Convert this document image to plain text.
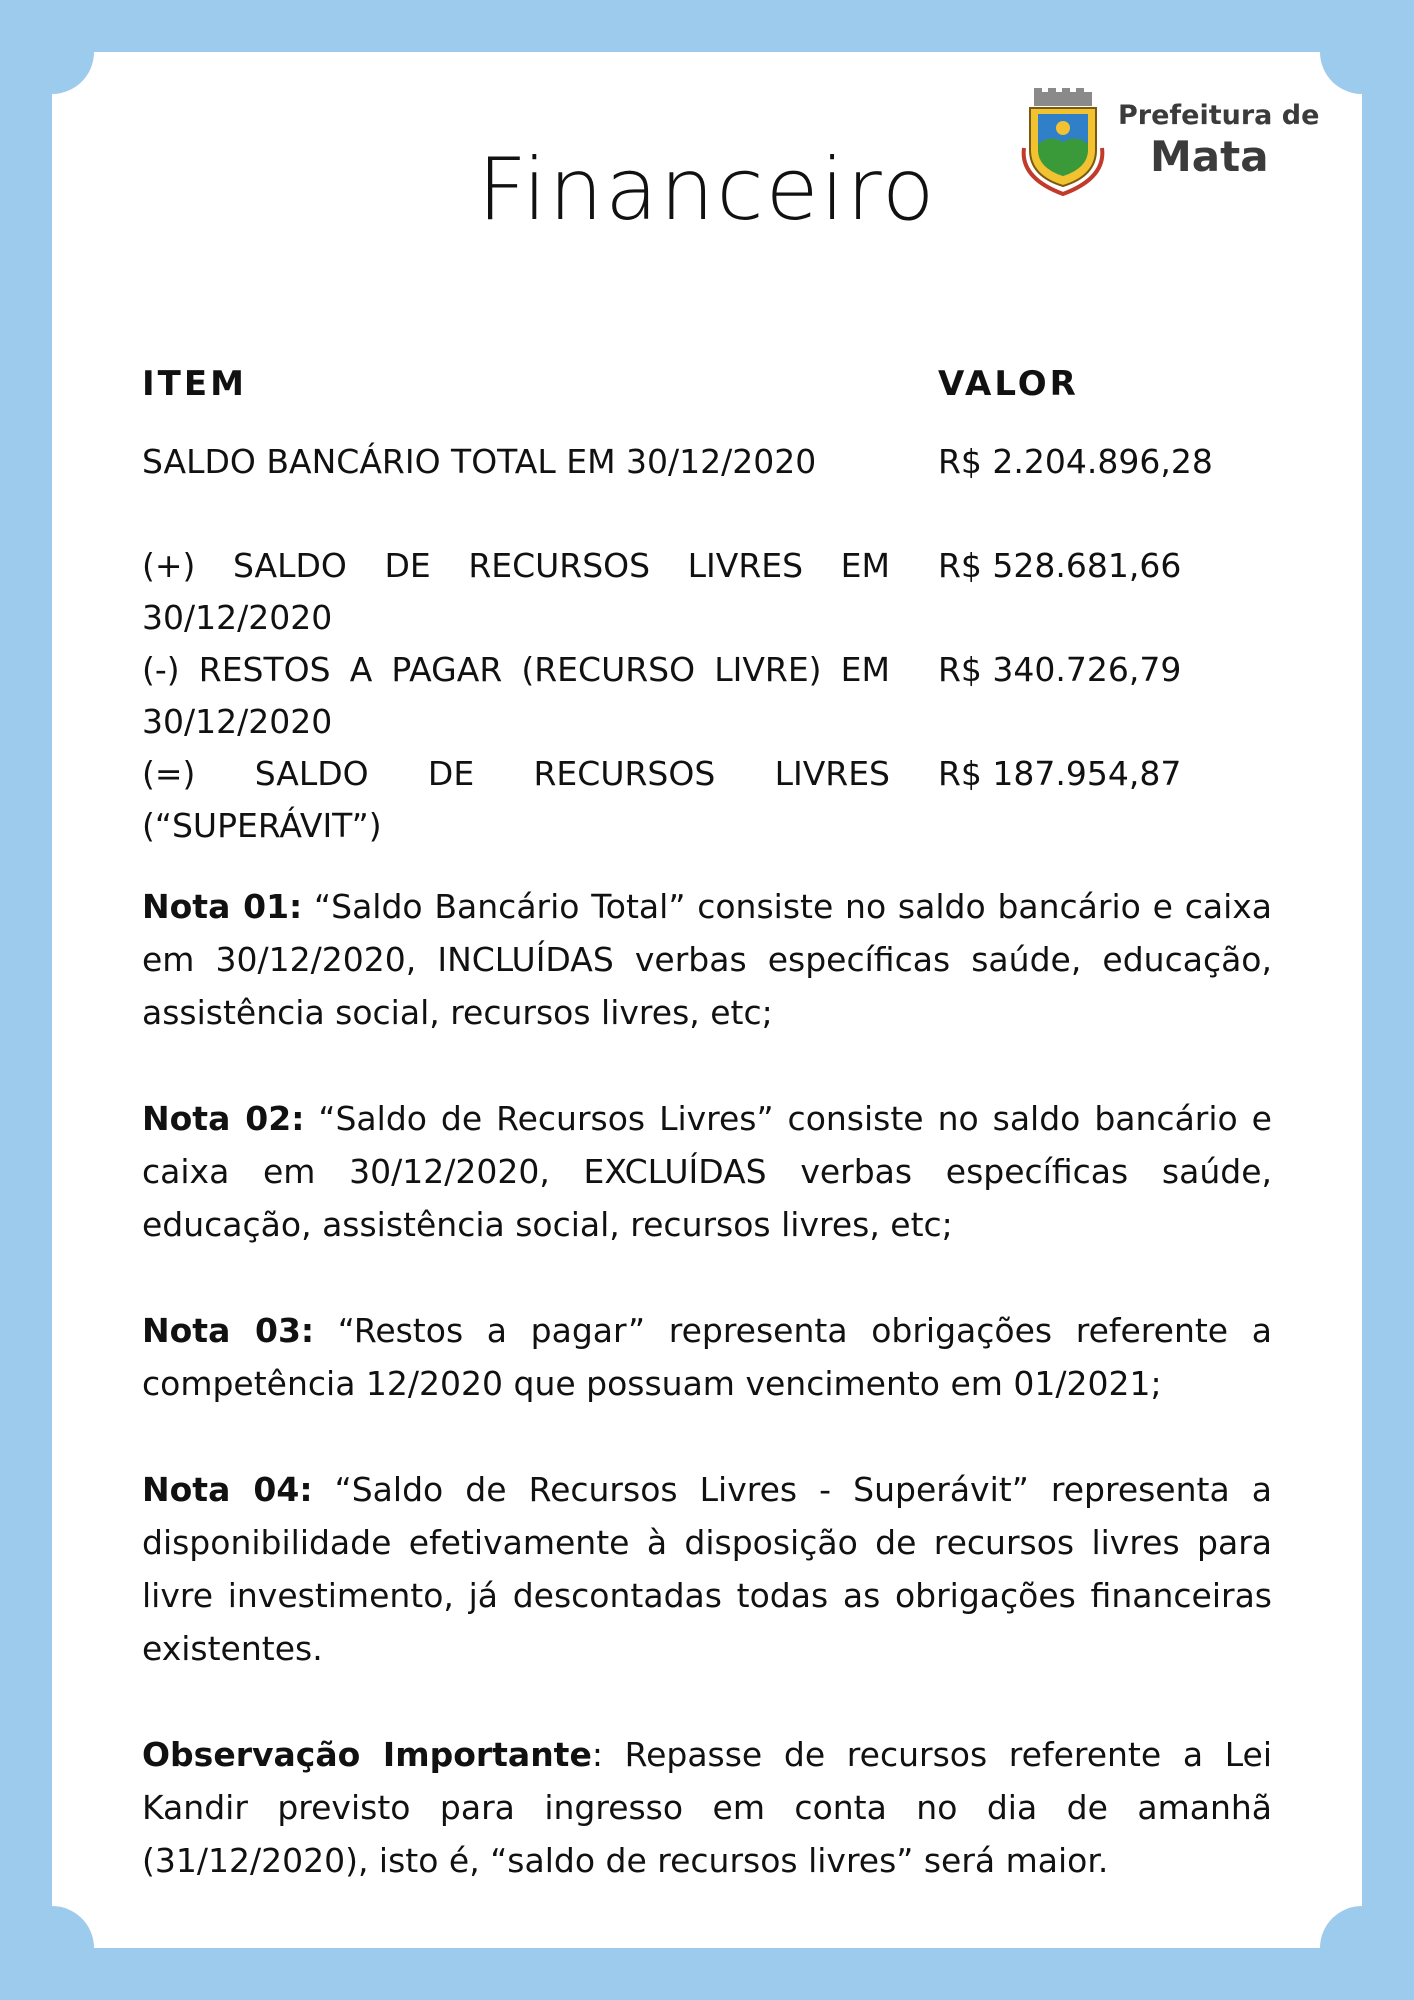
Financeiro
Prefeitura de
Mata
ITEM	VALOR
SALDO BANCÁRIO TOTAL EM 30/12/2020	R$ 2.204.896,28
(+) SALDO DE RECURSOS LIVRES EM 30/12/2020
R$ 528.681,66
(-) RESTOS A PAGAR (RECURSO LIVRE) EM 30/12/2020
R$ 340.726,79
(=) SALDO DE RECURSOS LIVRES (“SUPERÁVIT”)
R$ 187.954,87

Nota 01: “Saldo Bancário Total” consiste no saldo bancário e caixa em 30/12/2020, INCLUÍDAS verbas específicas saúde, educação, assistência social, recursos livres, etc;

Nota 02: “Saldo de Recursos Livres” consiste no saldo bancário e caixa em 30/12/2020, EXCLUÍDAS verbas específicas saúde, educação, assistência social, recursos livres, etc;

Nota 03: “Restos a pagar” representa obrigações referente a competência 12/2020 que possuam vencimento em 01/2021;

Nota 04: “Saldo de Recursos Livres - Superávit” representa a disponibilidade efetivamente à disposição de recursos livres para livre investimento, já descontadas todas as obrigações financeiras existentes.

Observação Importante: Repasse de recursos referente a Lei Kandir previsto para ingresso em conta no dia de amanhã (31/12/2020), isto é, “saldo de recursos livres” será maior.
